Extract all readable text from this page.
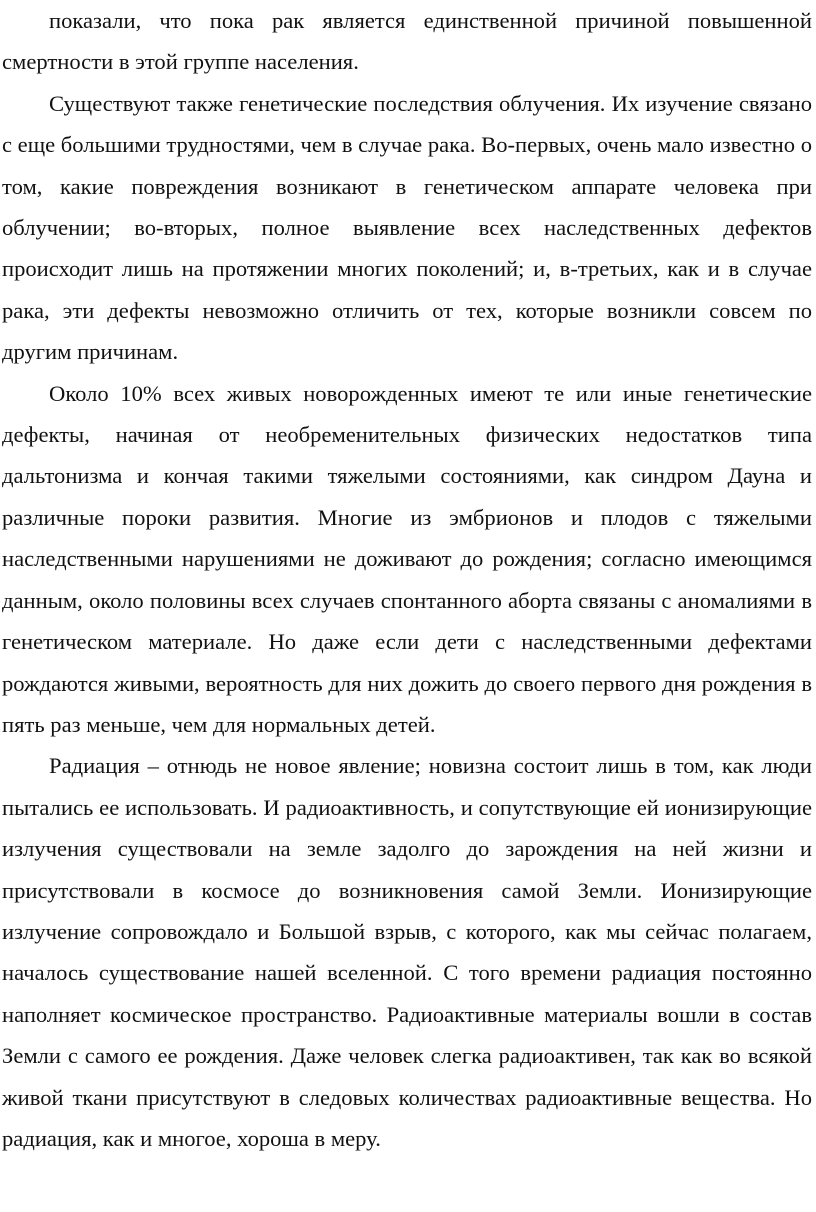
показали, что пока рак является единственной причиной повышенной смертности в этой группе населения.

Существуют также генетические последствия облучения. Их изучение связано с еще большими трудностями, чем в случае рака. Во-первых, очень мало известно о том, какие повреждения возникают в генетическом аппарате человека при облучении; во-вторых, полное выявление всех наследственных дефектов происходит лишь на протяжении многих поколений; и, в-третьих, как и в случае рака, эти дефекты невозможно отличить от тех, которые возникли совсем по другим причинам.

Около 10% всех живых новорожденных имеют те или иные генетические дефекты, начиная от необременительных физических недостатков типа дальтонизма и кончая такими тяжелыми состояниями, как синдром Дауна и различные пороки развития. Многие из эмбрионов и плодов с тяжелыми наследственными нарушениями не доживают до рождения; согласно имеющимся данным, около половины всех случаев спонтанного аборта связаны с аномалиями в генетическом материале. Но даже если дети с наследственными дефектами рождаются живыми, вероятность для них дожить до своего первого дня рождения в пять раз меньше, чем для нормальных детей.

Радиация – отнюдь не новое явление; новизна состоит лишь в том, как люди пытались ее использовать. И радиоактивность, и сопутствующие ей ионизирующие излучения существовали на земле задолго до зарождения на ней жизни и присутствовали в космосе до возникновения самой Земли. Ионизирующие излучение сопровождало и Большой взрыв, с которого, как мы сейчас полагаем, началось существование нашей вселенной. С того времени радиация постоянно наполняет космическое пространство. Радиоактивные материалы вошли в состав

Земли с самого ее рождения. Даже человек слегка радиоактивен, так как во всякой живой ткани присутствуют в следовых количествах радиоактивные вещества. Но радиация, как и многое, хороша в меру.
